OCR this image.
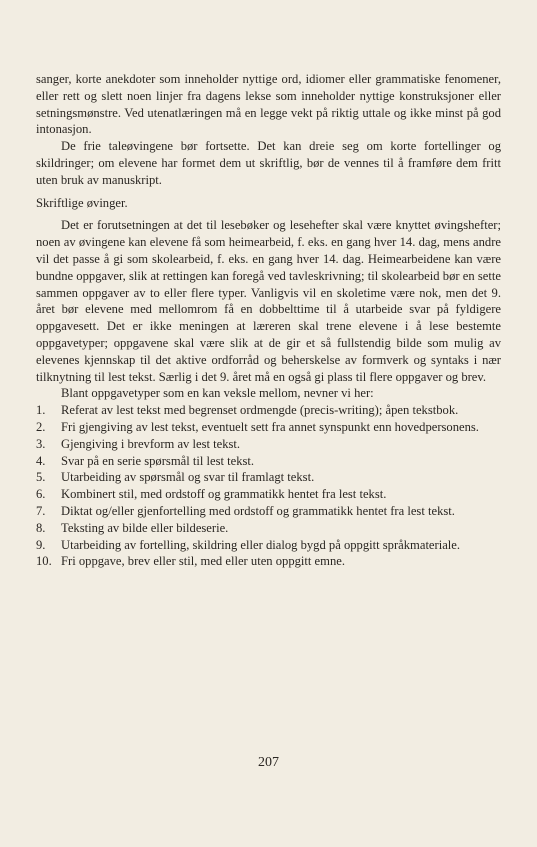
sanger, korte anekdoter som inneholder nyttige ord, idiomer eller grammatiske fenomener, eller rett og slett noen linjer fra dagens lekse som inneholder nyttige konstruksjoner eller setningsmønstre. Ved utenatlæringen må en legge vekt på riktig uttale og ikke minst på god intonasjon.

De frie taleøvingene bør fortsette. Det kan dreie seg om korte fortellinger og skildringer; om elevene har formet dem ut skriftlig, bør de vennes til å framføre dem fritt uten bruk av manuskript.

Skriftlige øvinger.

Det er forutsetningen at det til lesebøker og lesehefter skal være knyttet øvingshefter; noen av øvingene kan elevene få som heimearbeid, f. eks. en gang hver 14. dag, mens andre vil det passe å gi som skolearbeid, f. eks. en gang hver 14. dag. Heimearbeidene kan være bundne oppgaver, slik at rettingen kan foregå ved tavleskrivning; til skolearbeid bør en sette sammen oppgaver av to eller flere typer. Vanligvis vil en skoletime være nok, men det 9. året bør elevene med mellomrom få en dobbelttime til å utarbeide svar på fyldigere oppgavesett. Det er ikke meningen at læreren skal trene elevene i å lese bestemte oppgavetyper; oppgavene skal være slik at de gir et så fullstendig bilde som mulig av elevenes kjennskap til det aktive ordforråd og beherskelse av formverk og syntaks i nær tilknytning til lest tekst. Særlig i det 9. året må en også gi plass til flere oppgaver og brev.

Blant oppgavetyper som en kan veksle mellom, nevner vi her:

1.	Referat av lest tekst med begrenset ordmengde (precis-writing); åpen tekstbok.
2.	Fri gjengiving av lest tekst, eventuelt sett fra annet synspunkt enn hovedpersonens.
3.	Gjengiving i brevform av lest tekst.
4.	Svar på en serie spørsmål til lest tekst.
5.	Utarbeiding av spørsmål og svar til framlagt tekst.
6.	Kombinert stil, med ordstoff og grammatikk hentet fra lest tekst.
7.	Diktat og/eller gjenfortelling med ordstoff og grammatikk hentet fra lest tekst.
8.	Teksting av bilde eller bildeserie.
9.	Utarbeiding av fortelling, skildring eller dialog bygd på oppgitt språkmateriale.
10. Fri oppgave, brev eller stil, med eller uten oppgitt emne.
207
